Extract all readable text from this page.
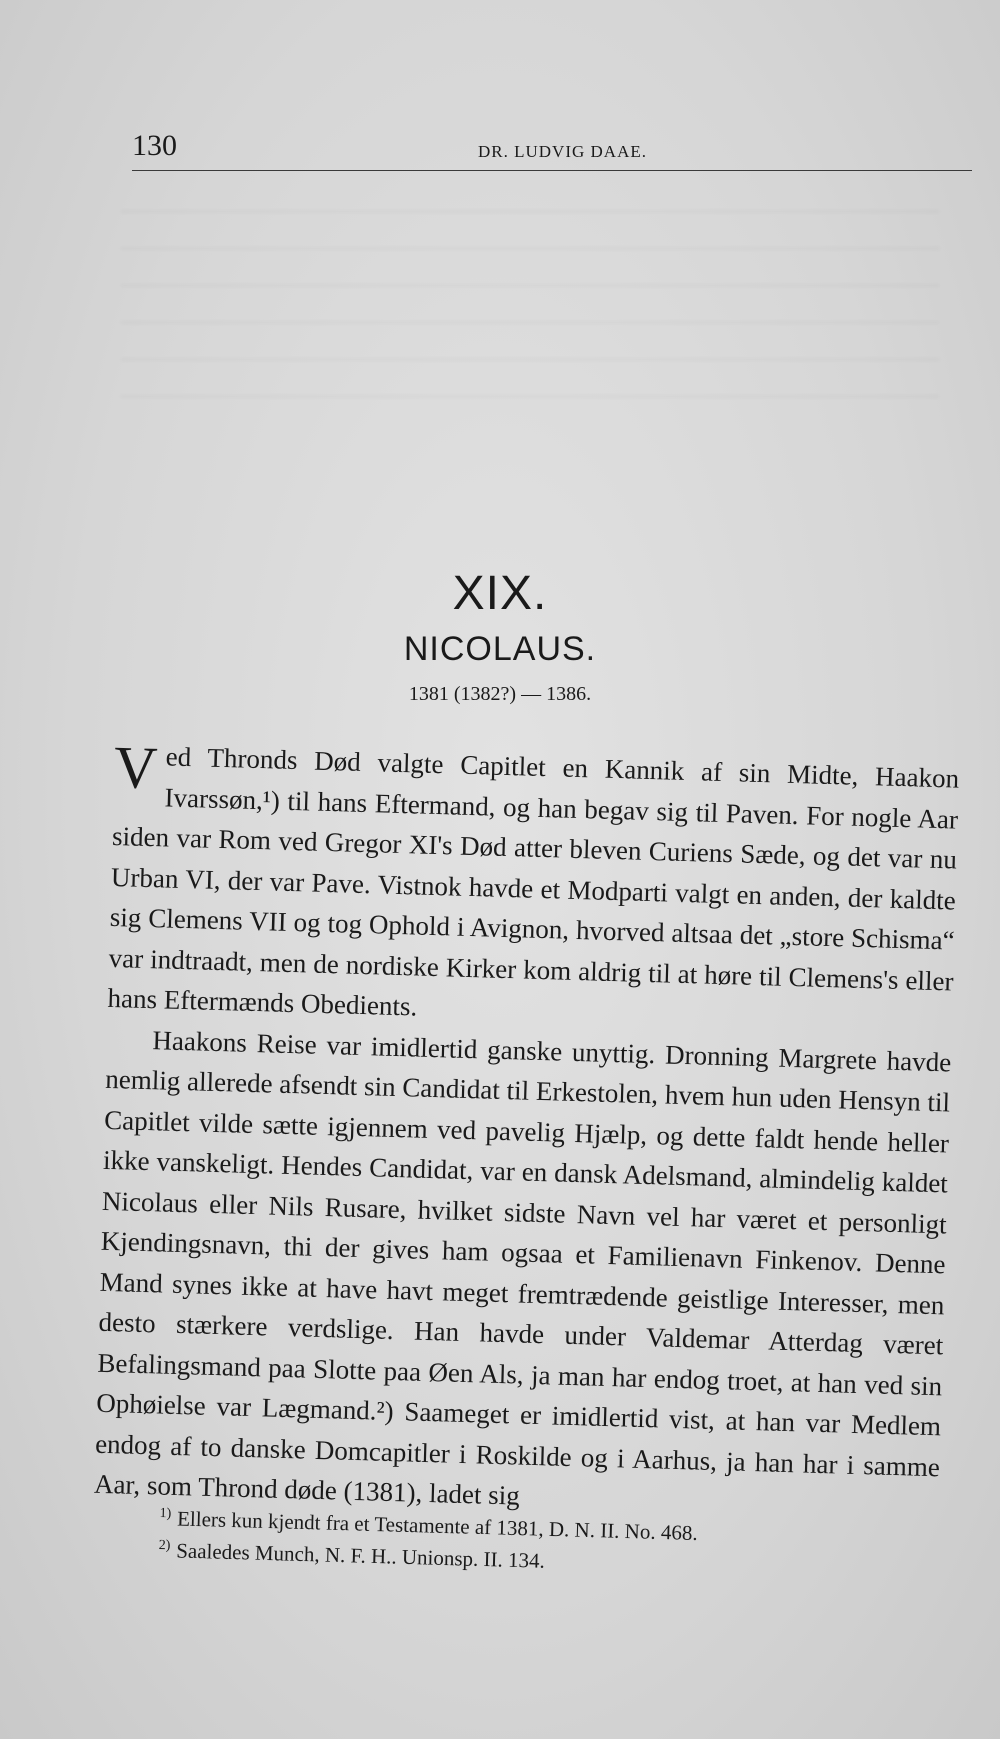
130	DR. LUDVIG DAAE.
XIX.
NICOLAUS.
1381 (1382?) — 1386.

V ed Thronds Død valgte Capitlet en Kannik af sin Midte, Haakon Ivarssøn,¹) til hans Eftermand, og han begav sig til Paven. For nogle Aar siden var Rom ved Gregor XI's Død atter bleven Curiens Sæde, og det var nu Urban VI, der var Pave. Vistnok havde et Modparti valgt en anden, der kaldte sig Clemens VII og tog Ophold i Avignon, hvorved altsaa det „store Schisma“ var indtraadt, men de nordiske Kirker kom aldrig til at høre til Clemens's eller hans Eftermænds Obedients.

Haakons Reise var imidlertid ganske unyttig. Dronning Margrete havde nemlig allerede afsendt sin Candidat til Erkestolen, hvem hun uden Hensyn til Capitlet vilde sætte igjennem ved pavelig Hjælp, og dette faldt hende heller ikke vanskeligt. Hendes Candidat, var en dansk Adelsmand, almindelig kaldet Nicolaus eller Nils Rusare, hvilket sidste Navn vel har været et personligt Kjendingsnavn, thi der gives ham ogsaa et Familienavn Finkenov. Denne Mand synes ikke at have havt meget fremtrædende geistlige Interesser, men desto stærkere verdslige. Han havde under Valdemar Atterdag været Befalingsmand paa Slotte paa Øen Als, ja man har endog troet, at han ved sin Ophøielse var Lægmand.²) Saameget er imidlertid vist, at han var Medlem endog af to danske Domcapitler i Roskilde og i Aarhus, ja han har i samme Aar, som Thrond døde (1381), ladet sig

$^{1)}$ Ellers kun kjendt fra et Testamente af 1381, D. N. II. No. 468.
$^{2)}$ Saaledes Munch, N. F. H.. Unionsp. II. 134.
